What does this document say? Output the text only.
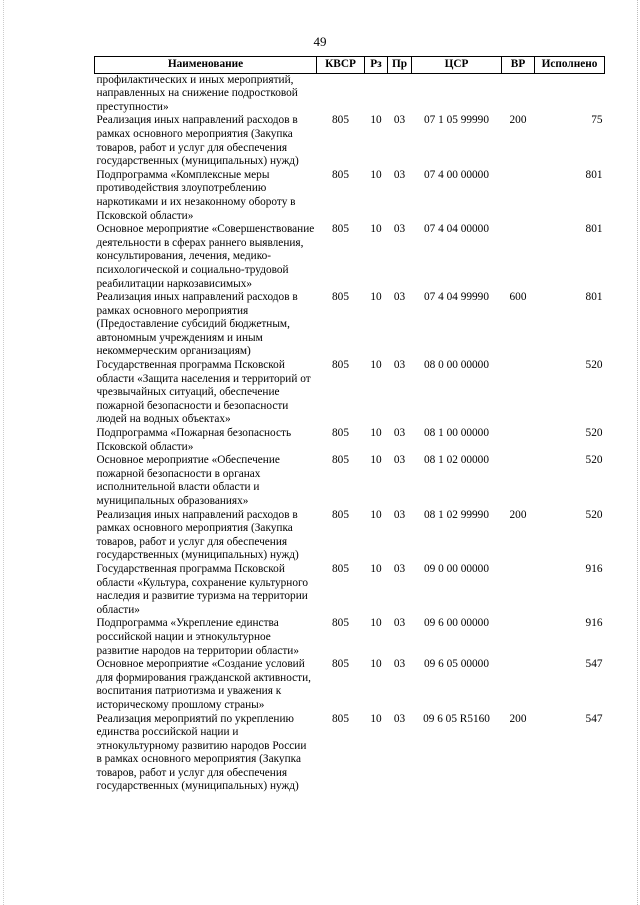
49
Наименование	КВСР	Рз	Пр	ЦСР	ВР	Исполнено
профилактических и иных мероприятий, направленных на снижение подростковой преступности»						
Реализация иных направлений расходов в рамках основного мероприятия (Закупка товаров, работ и услуг для обеспечения государственных (муниципальных) нужд)	805	10	03	07 1 05 99990	200	75
Подпрограмма «Комплексные меры противодействия злоупотреблению наркотиками и их незаконному обороту в Псковской области»	805	10	03	07 4 00 00000		801
Основное мероприятие «Совершенствование деятельности в сферах раннего выявления, консультирования, лечения, медико-психологической и социально-трудовой реабилитации наркозависимых»	805	10	03	07 4 04 00000		801
Реализация иных направлений расходов в рамках основного мероприятия (Предоставление субсидий бюджетным, автономным учреждениям и иным некоммерческим организациям)	805	10	03	07 4 04 99990	600	801
Государственная программа Псковской области «Защита населения и территорий от чрезвычайных ситуаций, обеспечение пожарной безопасности и безопасности людей на водных объектах»	805	10	03	08 0 00 00000		520
Подпрограмма «Пожарная безопасность Псковской области»	805	10	03	08 1 00 00000		520
Основное мероприятие «Обеспечение пожарной безопасности в органах исполнительной власти области и муниципальных образованиях»	805	10	03	08 1 02 00000		520
Реализация иных направлений расходов в рамках основного мероприятия (Закупка товаров, работ и услуг для обеспечения государственных (муниципальных) нужд)	805	10	03	08 1 02 99990	200	520
Государственная программа Псковской области «Культура, сохранение культурного наследия и развитие туризма на территории области»	805	10	03	09 0 00 00000		916
Подпрограмма «Укрепление единства российской нации и этнокультурное развитие народов на территории области»	805	10	03	09 6 00 00000		916
Основное мероприятие «Создание условий для формирования гражданской активности, воспитания патриотизма и уважения к историческому прошлому страны»	805	10	03	09 6 05 00000		547
Реализация мероприятий по укреплению единства российской нации и этнокультурному развитию народов России в рамках основного мероприятия (Закупка товаров, работ и услуг для обеспечения государственных (муниципальных) нужд)	805	10	03	09 6 05 R5160	200	547
